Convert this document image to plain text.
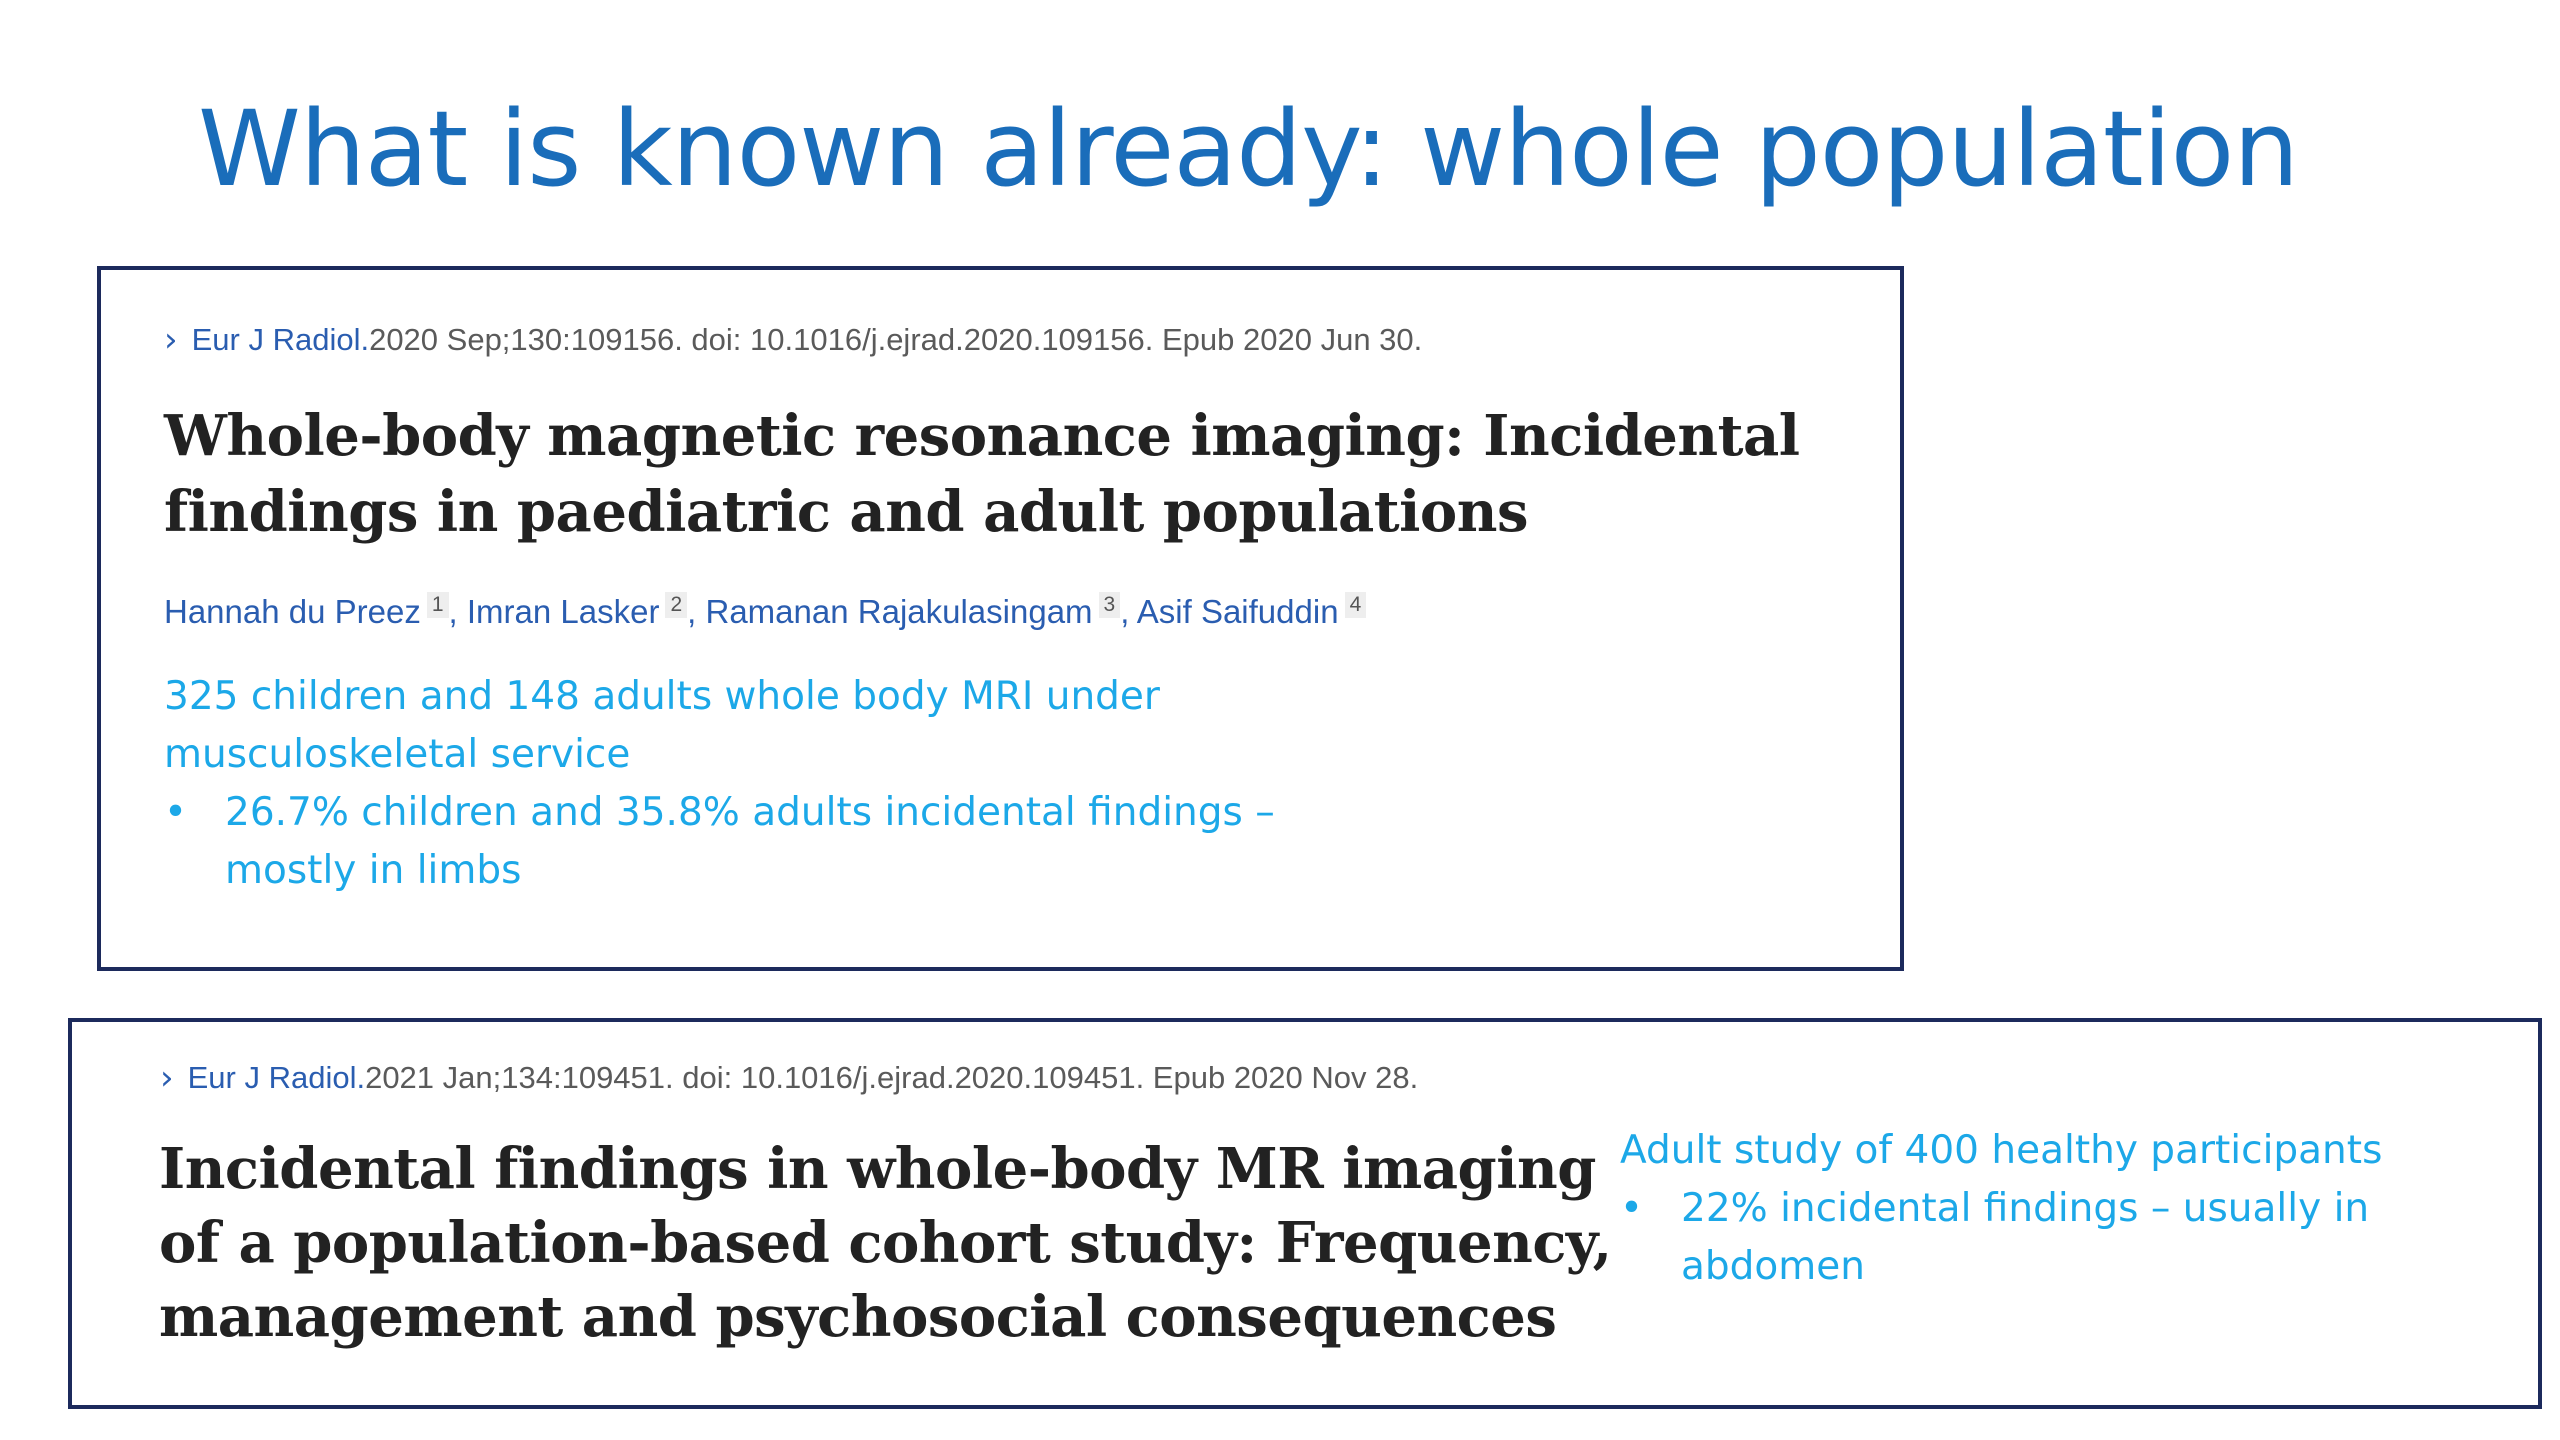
What is known already: whole population
› Eur J Radiol. 2020 Sep;130:109156. doi: 10.1016/j.ejrad.2020.109156. Epub 2020 Jun 30.
Whole-body magnetic resonance imaging: Incidental findings in paediatric and adult populations
Hannah du Preez 1 , Imran Lasker 2 , Ramanan Rajakulasingam 3 , Asif Saifuddin 4

325 children and 148 adults whole body MRI under musculoskeletal service

• 26.7% children and 35.8% adults incidental findings – mostly in limbs
› Eur J Radiol. 2021 Jan;134:109451. doi: 10.1016/j.ejrad.2020.109451. Epub 2020 Nov 28.
Incidental findings in whole-body MR imaging of a population-based cohort study: Frequency, management and psychosocial consequences

Adult study of 400 healthy participants

• 22% incidental findings – usually in abdomen
